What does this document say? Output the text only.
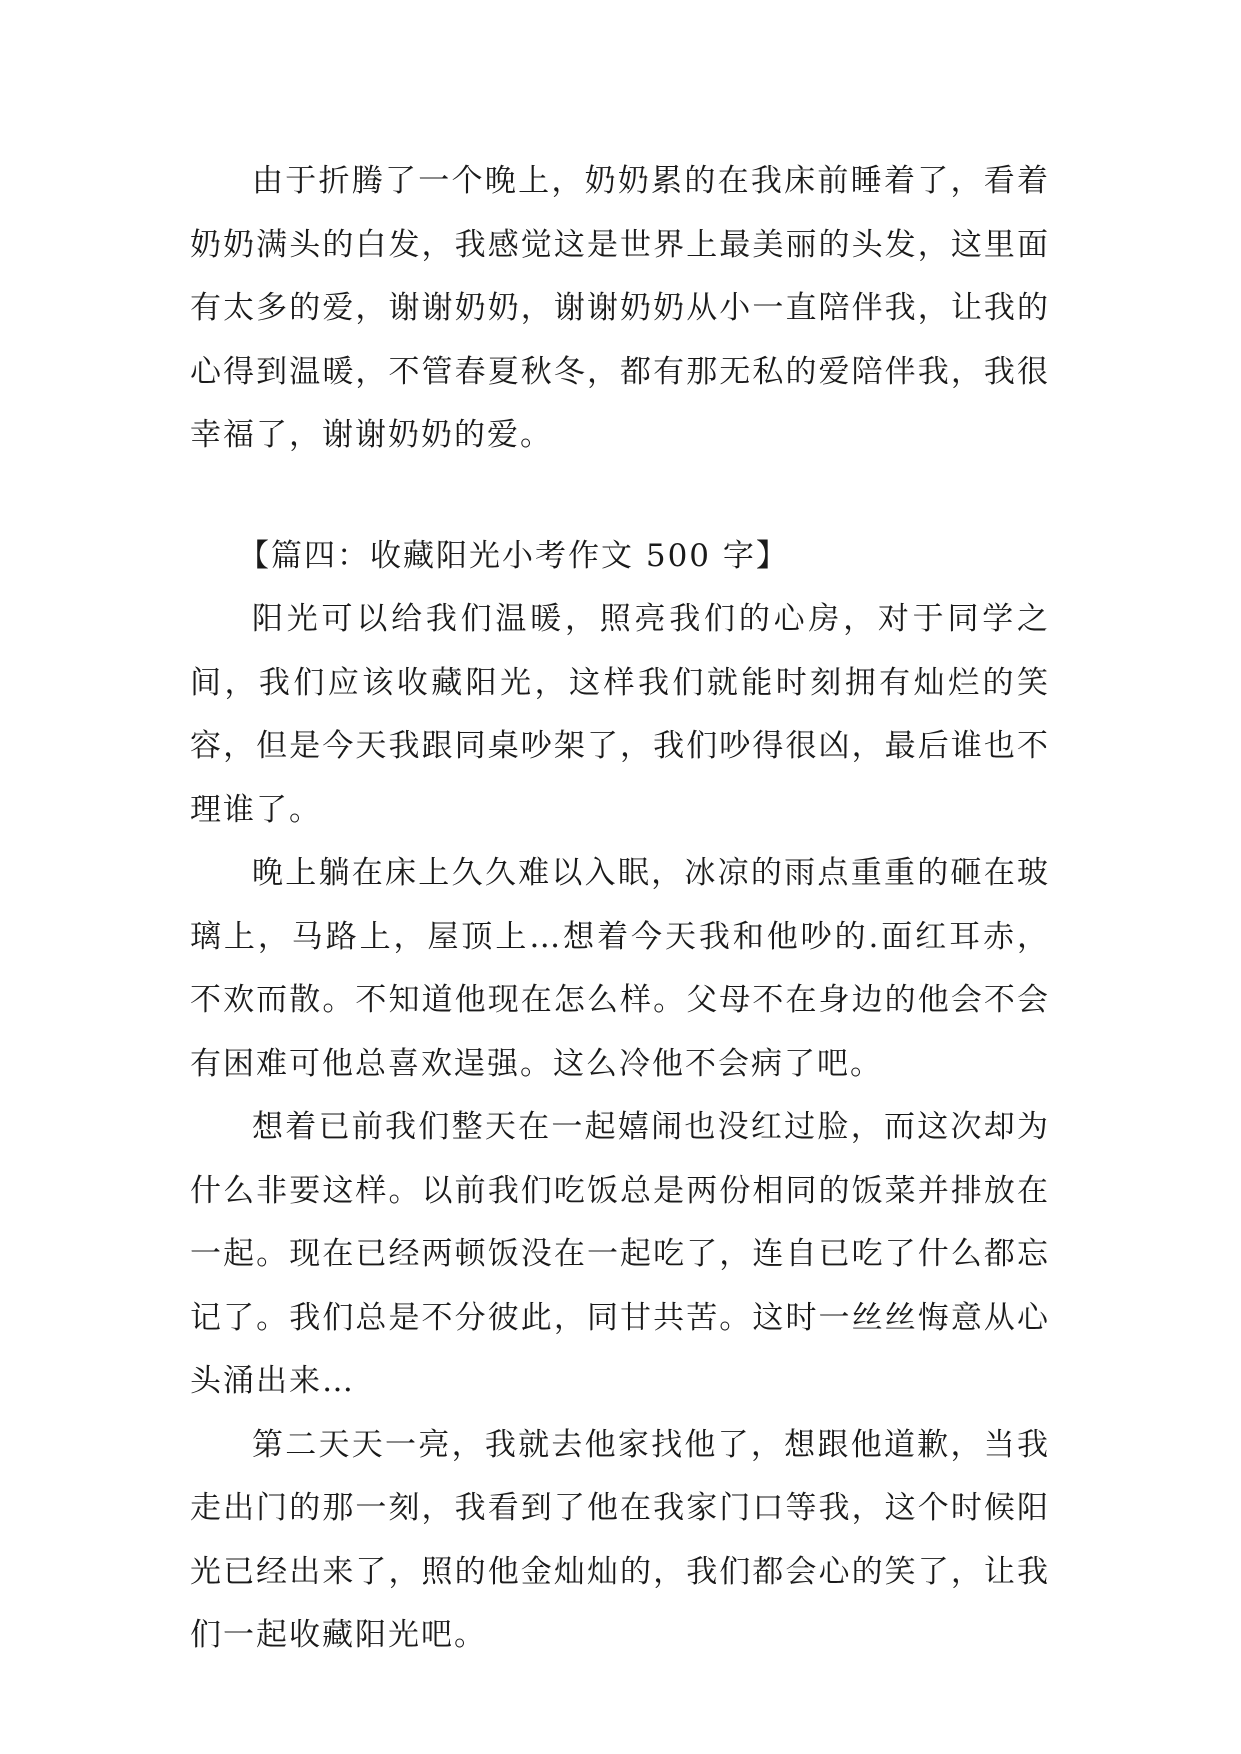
由于折腾了一个晚上，奶奶累的在我床前睡着了，看着奶奶满头的白发，我感觉这是世界上最美丽的头发，这里面有太多的爱，谢谢奶奶，谢谢奶奶从小一直陪伴我，让我的心得到温暖，不管春夏秋冬，都有那无私的爱陪伴我，我很幸福了，谢谢奶奶的爱。

【篇四：收藏阳光小考作文 500 字】

阳光可以给我们温暖，照亮我们的心房，对于同学之间，我们应该收藏阳光，这样我们就能时刻拥有灿烂的笑容，但是今天我跟同桌吵架了，我们吵得很凶，最后谁也不理谁了。

晚上躺在床上久久难以入眠，冰凉的雨点重重的砸在玻璃上，马路上，屋顶上…想着今天我和他吵的.面红耳赤，不欢而散。不知道他现在怎么样。父母不在身边的他会不会有困难可他总喜欢逞强。这么冷他不会病了吧。

想着已前我们整天在一起嬉闹也没红过脸，而这次却为什么非要这样。以前我们吃饭总是两份相同的饭菜并排放在一起。现在已经两顿饭没在一起吃了，连自已吃了什么都忘记了。我们总是不分彼此，同甘共苦。这时一丝丝悔意从心头涌出来…

第二天天一亮，我就去他家找他了，想跟他道歉，当我走出门的那一刻，我看到了他在我家门口等我，这个时候阳光已经出来了，照的他金灿灿的，我们都会心的笑了，让我们一起收藏阳光吧。
